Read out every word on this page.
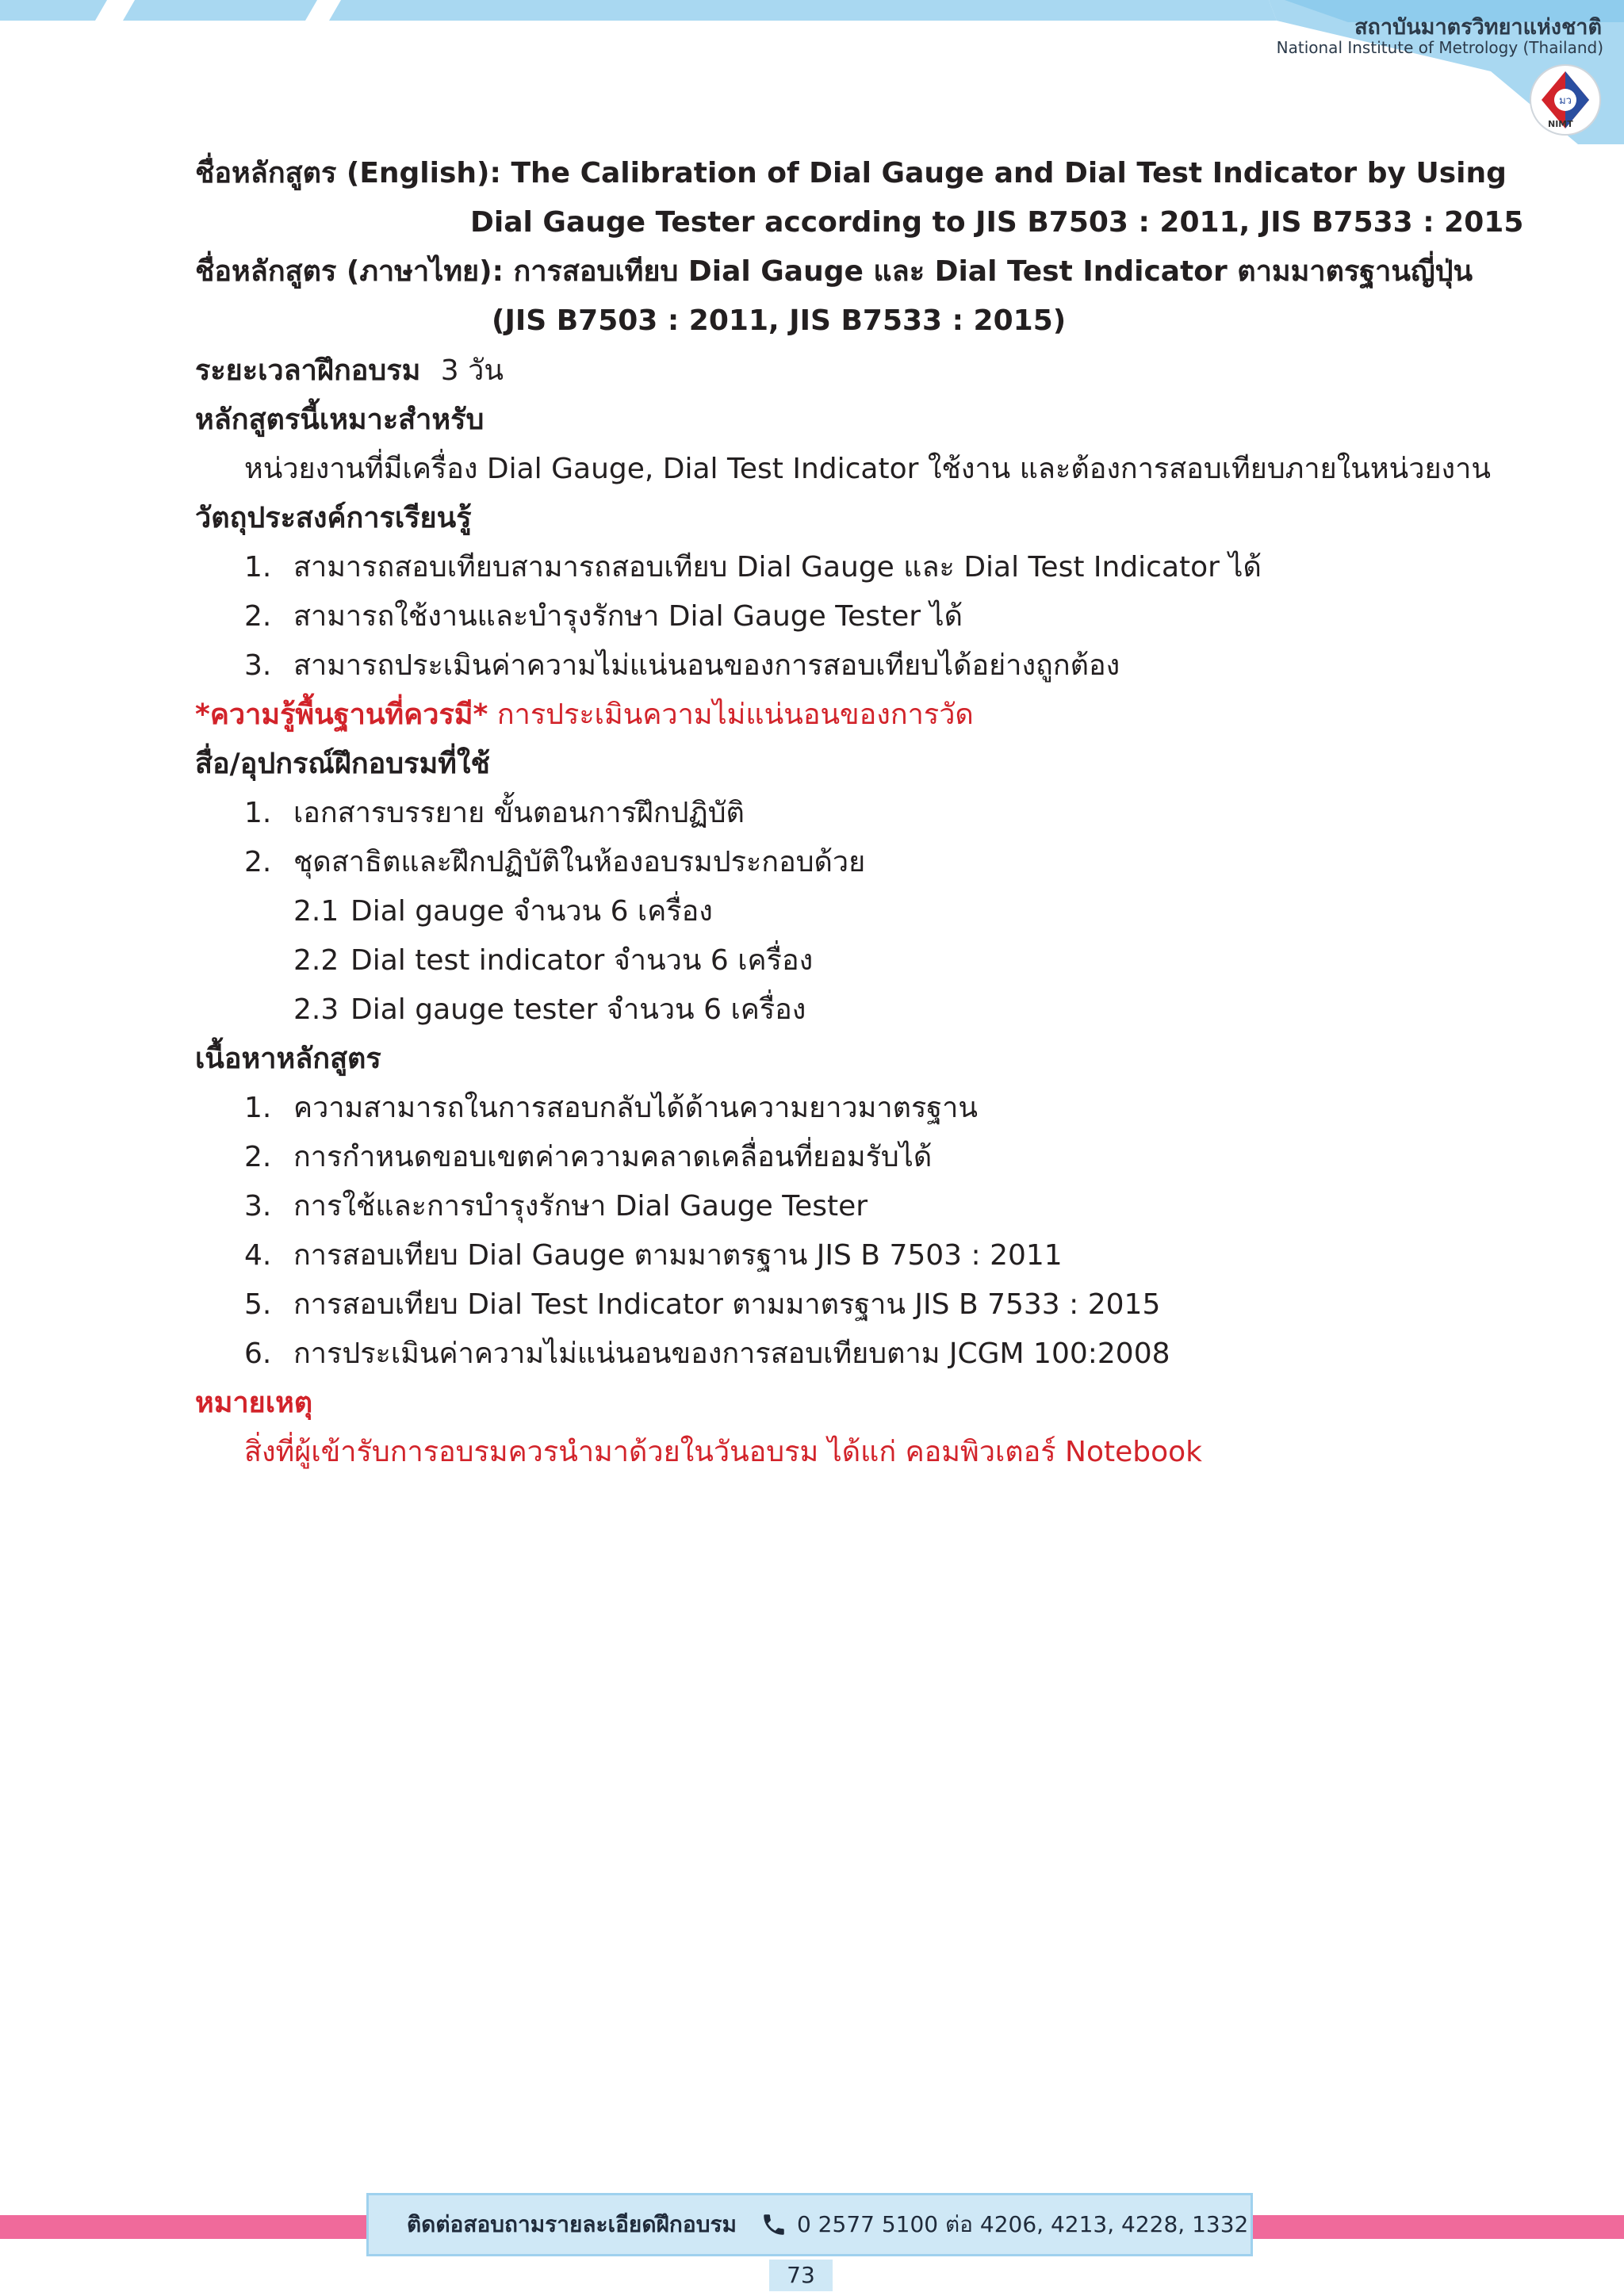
สถาบันมาตรวิทยาแห่งชาติ
National Institute of Metrology (Thailand)
มว
NIMT
ชื่อหลักสูตร (English): The Calibration of Dial Gauge and Dial Test Indicator by Using
Dial Gauge Tester according to JIS B7503 : 2011, JIS B7533 : 2015
ชื่อหลักสูตร (ภาษาไทย): การสอบเทียบ Dial Gauge และ Dial Test Indicator ตามมาตรฐานญี่ปุ่น
(JIS B7503 : 2011, JIS B7533 : 2015)
ระยะเวลาฝึกอบรม 3 วัน
หลักสูตรนี้เหมาะสำหรับ
หน่วยงานที่มีเครื่อง Dial Gauge, Dial Test Indicator ใช้งาน และต้องการสอบเทียบภายในหน่วยงาน
วัตถุประสงค์การเรียนรู้
1. สามารถสอบเทียบสามารถสอบเทียบ Dial Gauge และ Dial Test Indicator ได้
2. สามารถใช้งานและบำรุงรักษา Dial Gauge Tester ได้
3. สามารถประเมินค่าความไม่แน่นอนของการสอบเทียบได้อย่างถูกต้อง
*ความรู้พื้นฐานที่ควรมี* การประเมินความไม่แน่นอนของการวัด
สื่อ/อุปกรณ์ฝึกอบรมที่ใช้
1. เอกสารบรรยาย ขั้นตอนการฝึกปฏิบัติ
2. ชุดสาธิตและฝึกปฏิบัติในห้องอบรมประกอบด้วย
2.1 Dial gauge จำนวน 6 เครื่อง
2.2 Dial test indicator จำนวน 6 เครื่อง
2.3 Dial gauge tester จำนวน 6 เครื่อง
เนื้อหาหลักสูตร
1. ความสามารถในการสอบกลับได้ด้านความยาวมาตรฐาน
2. การกำหนดขอบเขตค่าความคลาดเคลื่อนที่ยอมรับได้
3. การใช้และการบำรุงรักษา Dial Gauge Tester
4. การสอบเทียบ Dial Gauge ตามมาตรฐาน JIS B 7503 : 2011
5. การสอบเทียบ Dial Test Indicator ตามมาตรฐาน JIS B 7533 : 2015
6. การประเมินค่าความไม่แน่นอนของการสอบเทียบตาม JCGM 100:2008
หมายเหตุ
สิ่งที่ผู้เข้ารับการอบรมควรนำมาด้วยในวันอบรม ได้แก่ คอมพิวเตอร์ Notebook
ติดต่อสอบถามรายละเอียดฝึกอบรม	0 2577 5100 ต่อ 4206, 4213, 4228, 1332
73
